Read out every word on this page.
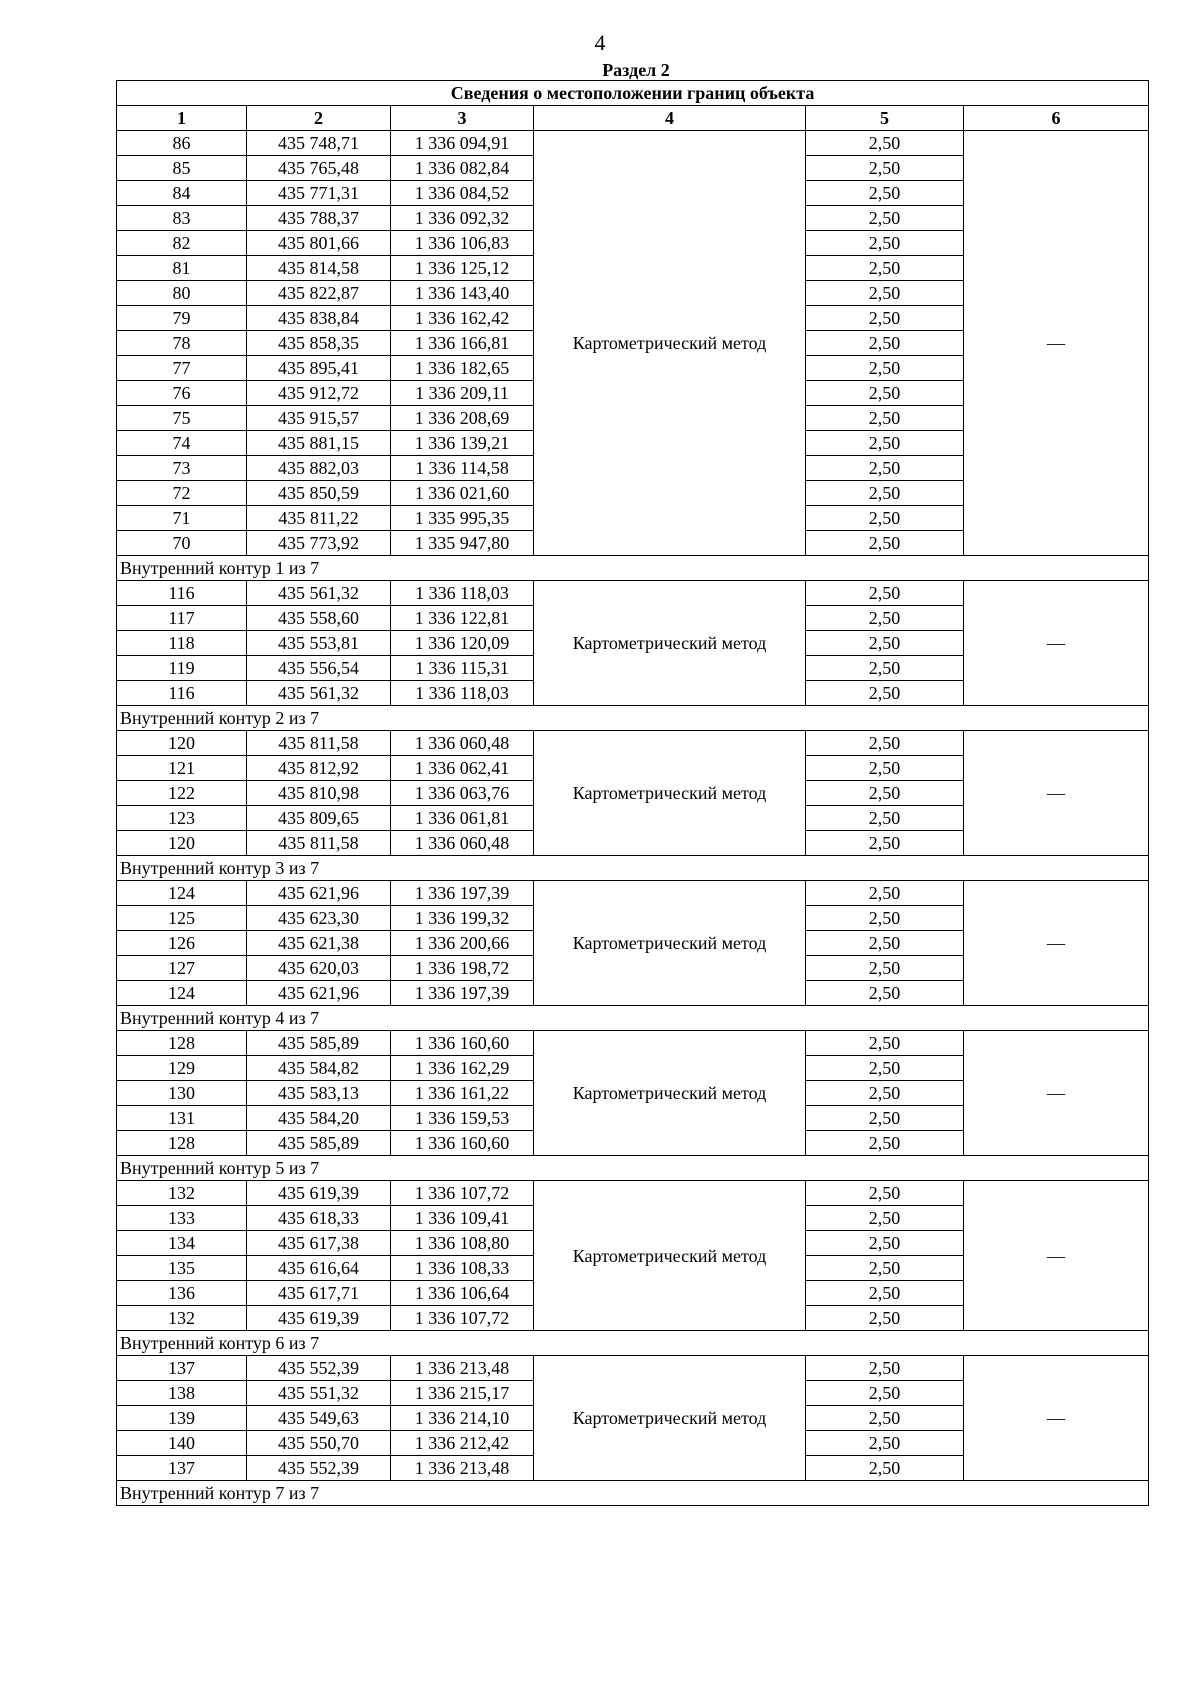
4
Раздел 2
Сведения о местоположении границ объекта					
1	2	3	4	5	6
86	435 748,71	1 336 094,91	Картометрический метод	2,50	—
85	435 765,48	1 336 082,84		2,50	
84	435 771,31	1 336 084,52		2,50	
83	435 788,37	1 336 092,32		2,50	
82	435 801,66	1 336 106,83		2,50	
81	435 814,58	1 336 125,12		2,50	
80	435 822,87	1 336 143,40		2,50	
79	435 838,84	1 336 162,42		2,50	
78	435 858,35	1 336 166,81		2,50	
77	435 895,41	1 336 182,65		2,50	
76	435 912,72	1 336 209,11		2,50	
75	435 915,57	1 336 208,69		2,50	
74	435 881,15	1 336 139,21		2,50	
73	435 882,03	1 336 114,58		2,50	
72	435 850,59	1 336 021,60		2,50	
71	435 811,22	1 335 995,35		2,50	
70	435 773,92	1 335 947,80		2,50	
Внутренний контур 1 из 7					
116	435 561,32	1 336 118,03	Картометрический метод	2,50	—
117	435 558,60	1 336 122,81		2,50	
118	435 553,81	1 336 120,09		2,50	
119	435 556,54	1 336 115,31		2,50	
116	435 561,32	1 336 118,03		2,50	
Внутренний контур 2 из 7					
120	435 811,58	1 336 060,48	Картометрический метод	2,50	—
121	435 812,92	1 336 062,41		2,50	
122	435 810,98	1 336 063,76		2,50	
123	435 809,65	1 336 061,81		2,50	
120	435 811,58	1 336 060,48		2,50	
Внутренний контур 3 из 7					
124	435 621,96	1 336 197,39	Картометрический метод	2,50	—
125	435 623,30	1 336 199,32		2,50	
126	435 621,38	1 336 200,66		2,50	
127	435 620,03	1 336 198,72		2,50	
124	435 621,96	1 336 197,39		2,50	
Внутренний контур 4 из 7					
128	435 585,89	1 336 160,60	Картометрический метод	2,50	—
129	435 584,82	1 336 162,29		2,50	
130	435 583,13	1 336 161,22		2,50	
131	435 584,20	1 336 159,53		2,50	
128	435 585,89	1 336 160,60		2,50	
Внутренний контур 5 из 7					
132	435 619,39	1 336 107,72	Картометрический метод	2,50	—
133	435 618,33	1 336 109,41		2,50	
134	435 617,38	1 336 108,80		2,50	
135	435 616,64	1 336 108,33		2,50	
136	435 617,71	1 336 106,64		2,50	
132	435 619,39	1 336 107,72		2,50	
Внутренний контур 6 из 7					
137	435 552,39	1 336 213,48	Картометрический метод	2,50	—
138	435 551,32	1 336 215,17		2,50	
139	435 549,63	1 336 214,10		2,50	
140	435 550,70	1 336 212,42		2,50	
137	435 552,39	1 336 213,48		2,50	
Внутренний контур 7 из 7					
